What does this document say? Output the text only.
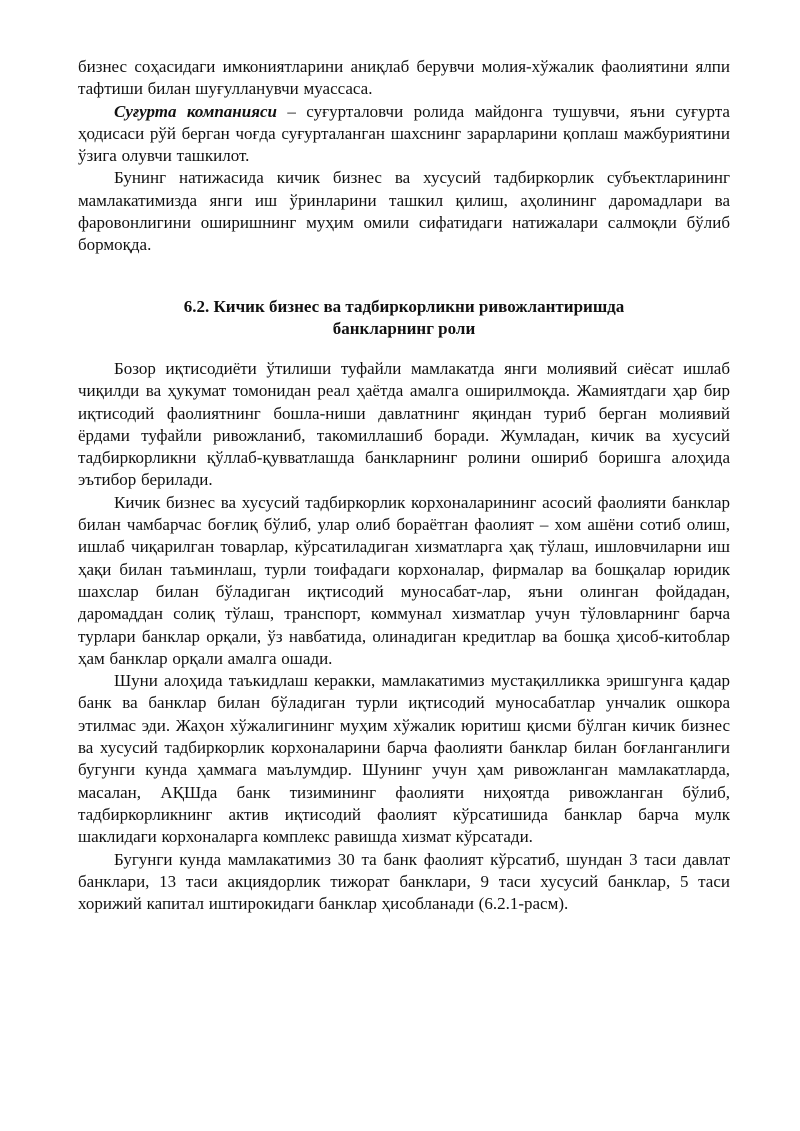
бизнес соҳасидаги имкониятларини аниқлаб берувчи молия-хўжалик фаолиятини ялпи тафтиши билан шуғулланувчи муассаса.

Суғурта компанияси – суғурталовчи ролида майдонга тушувчи, яъни суғурта ҳодисаси рўй берган чоғда суғурталанган шахснинг зарарларини қоплаш мажбуриятини ўзига олувчи ташкилот.

Бунинг натижасида кичик бизнес ва хусусий тадбиркорлик субъектларининг мамлакатимизда янги иш ўринларини ташкил қилиш, аҳолининг даромадлари ва фаровонлигини оширишнинг муҳим омили сифатидаги натижалари салмоқли бўлиб бормоқда.

6.2. Кичик бизнес ва тадбиркорликни ривожлантиришда

банкларнинг роли

Бозор иқтисодиёти ўтилиши туфайли мамлакатда янги молиявий сиёсат ишлаб чиқилди ва ҳукумат томонидан реал ҳаётда амалга оширилмоқда. Жамиятдаги ҳар бир иқтисодий фаолиятнинг бошла-ниши давлатнинг яқиндан туриб берган молиявий ёрдами туфайли ривожланиб, такомиллашиб боради. Жумладан, кичик ва хусусий тадбиркорликни қўллаб-қувватлашда банкларнинг ролини ошириб боришга алоҳида эътибор берилади.

Кичик бизнес ва хусусий тадбиркорлик корхоналарининг асосий фаолияти банклар билан чамбарчас боғлиқ бўлиб, улар олиб бораётган фаолият – хом ашёни сотиб олиш, ишлаб чиқарилган товарлар, кўрсатиладиган хизматларга ҳақ тўлаш, ишловчиларни иш ҳақи билан таъминлаш, турли тоифадаги корхоналар, фирмалар ва бошқалар юридик шахслар билан бўладиган иқтисодий муносабат-лар, яъни олинган фойдадан, даромаддан солиқ тўлаш, транспорт, коммунал хизматлар учун тўловларнинг барча турлари банклар орқали, ўз навбатида, олинадиган кредитлар ва бошқа ҳисоб-китоблар ҳам банклар орқали амалга ошади.

Шуни алоҳида таъкидлаш керакки, мамлакатимиз мустақилликка эришгунга қадар банк ва банклар билан бўладиган турли иқтисодий муносабатлар унчалик ошкора этилмас эди. Жаҳон хўжалигининг муҳим хўжалик юритиш қисми бўлган кичик бизнес ва хусусий тадбиркорлик корхоналарини барча фаолияти банклар билан боғланганлиги бугунги кунда ҳаммага маълумдир. Шунинг учун ҳам ривожланган мамлакатларда, масалан, АҚШда банк тизимининг фаолияти ниҳоятда ривожланган бўлиб, тадбиркорликнинг актив иқтисодий фаолият кўрсатишида банклар барча мулк шаклидаги корхоналарга комплекс равишда хизмат кўрсатади.

Бугунги кунда мамлакатимиз 30 та банк фаолият кўрсатиб, шундан 3 таси давлат банклари, 13 таси акциядорлик тижорат банклари, 9 таси хусусий банклар, 5 таси хорижий капитал иштирокидаги банклар ҳисобланади (6.2.1-расм).
